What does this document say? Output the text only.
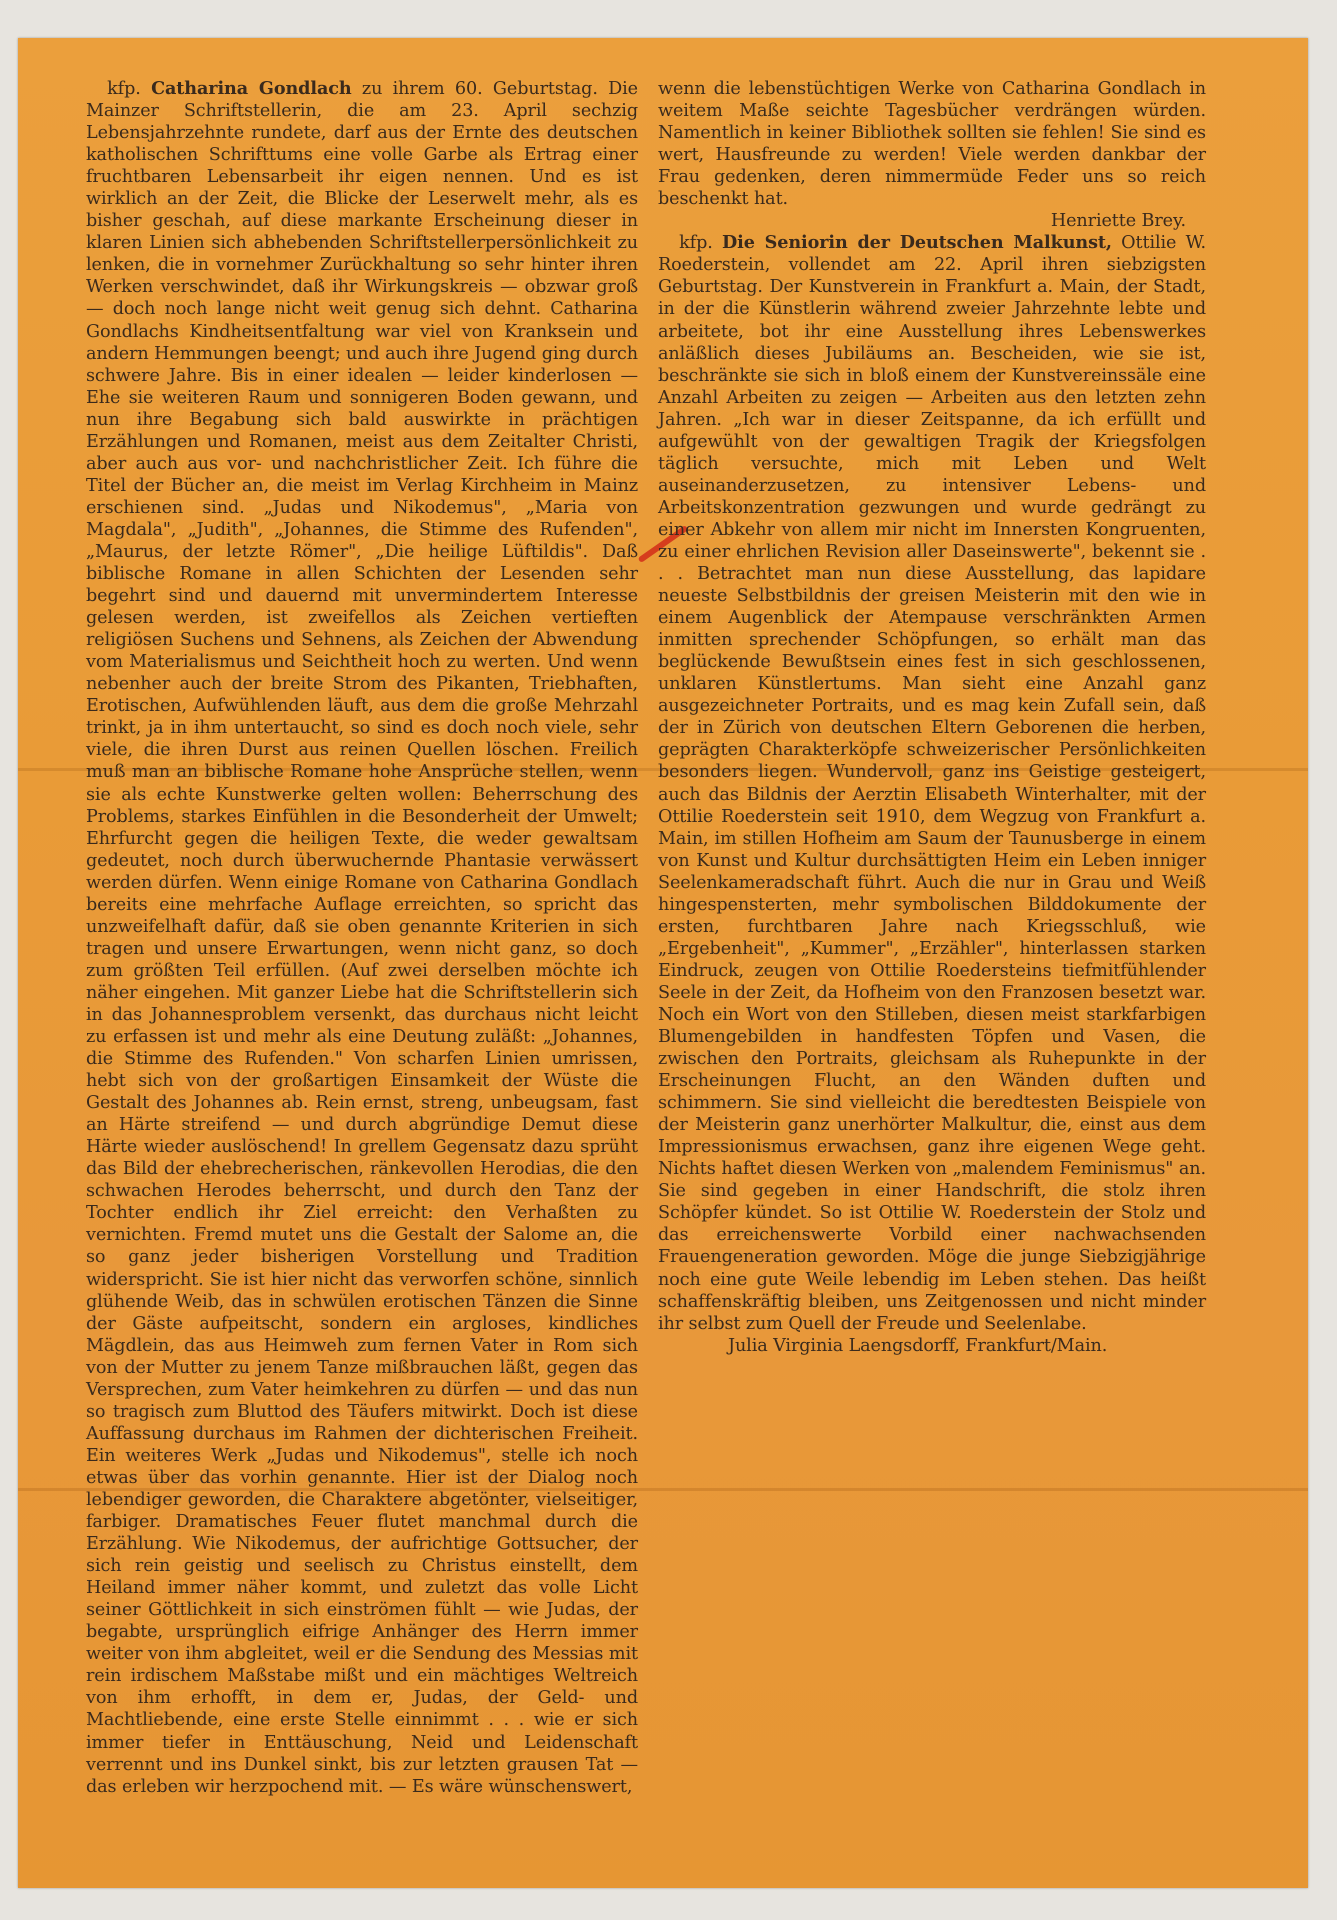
kfp. Catharina Gondlach zu ihrem 60. Geburtstag. Die Mainzer Schriftstellerin, die am 23. April sechzig Lebensjahrzehnte rundete, darf aus der Ernte des deutschen katholischen Schrifttums eine volle Garbe als Ertrag einer fruchtbaren Lebensarbeit ihr eigen nennen. Und es ist wirklich an der Zeit, die Blicke der Leserwelt mehr, als es bisher geschah, auf diese markante Erscheinung dieser in klaren Linien sich abhebenden Schriftstellerpersönlichkeit zu lenken, die in vornehmer Zurückhaltung so sehr hinter ihren Werken verschwindet, daß ihr Wirkungskreis — obzwar groß — doch noch lange nicht weit genug sich dehnt. Catharina Gondlachs Kindheitsentfaltung war viel von Kranksein und andern Hemmungen beengt; und auch ihre Jugend ging durch schwere Jahre. Bis in einer idealen — leider kinderlosen — Ehe sie weiteren Raum und sonnigeren Boden gewann, und nun ihre Begabung sich bald auswirkte in prächtigen Erzählungen und Romanen, meist aus dem Zeitalter Christi, aber auch aus vor- und nachchristlicher Zeit. Ich führe die Titel der Bücher an, die meist im Verlag Kirchheim in Mainz erschienen sind. „Judas und Nikodemus", „Maria von Magdala", „Judith", „Johannes, die Stimme des Rufenden", „Maurus, der letzte Römer", „Die heilige Lüftildis". Daß biblische Romane in allen Schichten der Lesenden sehr begehrt sind und dauernd mit unvermindertem Interesse gelesen werden, ist zweifellos als Zeichen vertieften religiösen Suchens und Sehnens, als Zeichen der Abwendung vom Materialismus und Seichtheit hoch zu werten. Und wenn nebenher auch der breite Strom des Pikanten, Triebhaften, Erotischen, Aufwühlenden läuft, aus dem die große Mehrzahl trinkt, ja in ihm untertaucht, so sind es doch noch viele, sehr viele, die ihren Durst aus reinen Quellen löschen. Freilich muß man an biblische Romane hohe Ansprüche stellen, wenn sie als echte Kunstwerke gelten wollen: Beherrschung des Problems, starkes Einfühlen in die Besonderheit der Umwelt; Ehrfurcht gegen die heiligen Texte, die weder gewaltsam gedeutet, noch durch überwuchernde Phantasie verwässert werden dürfen. Wenn einige Romane von Catharina Gondlach bereits eine mehrfache Auflage erreichten, so spricht das unzweifelhaft dafür, daß sie oben genannte Kriterien in sich tragen und unsere Erwartungen, wenn nicht ganz, so doch zum größten Teil erfüllen. (Auf zwei derselben möchte ich näher eingehen. Mit ganzer Liebe hat die Schriftstellerin sich in das Johannesproblem versenkt, das durchaus nicht leicht zu erfassen ist und mehr als eine Deutung zuläßt: „Johannes, die Stimme des Rufenden." Von scharfen Linien umrissen, hebt sich von der großartigen Einsamkeit der Wüste die Gestalt des Johannes ab. Rein ernst, streng, unbeugsam, fast an Härte streifend — und durch abgründige Demut diese Härte wieder auslöschend! In grellem Gegensatz dazu sprüht das Bild der ehebrecherischen, ränkevollen Herodias, die den schwachen Herodes beherrscht, und durch den Tanz der Tochter endlich ihr Ziel erreicht: den Verhaßten zu vernichten. Fremd mutet uns die Gestalt der Salome an, die so ganz jeder bisherigen Vorstellung und Tradition widerspricht. Sie ist hier nicht das verworfen schöne, sinnlich glühende Weib, das in schwülen erotischen Tänzen die Sinne der Gäste aufpeitscht, sondern ein argloses, kindliches Mägdlein, das aus Heimweh zum fernen Vater in Rom sich von der Mutter zu jenem Tanze mißbrauchen läßt, gegen das Versprechen, zum Vater heimkehren zu dürfen — und das nun so tragisch zum Bluttod des Täufers mitwirkt. Doch ist diese Auffassung durchaus im Rahmen der dichterischen Freiheit. Ein weiteres Werk „Judas und Nikodemus", stelle ich noch etwas über das vorhin genannte. Hier ist der Dialog noch lebendiger geworden, die Charaktere abgetönter, vielseitiger, farbiger. Dramatisches Feuer flutet manchmal durch die Erzählung. Wie Nikodemus, der aufrichtige Gottsucher, der sich rein geistig und seelisch zu Christus einstellt, dem Heiland immer näher kommt, und zuletzt das volle Licht seiner Göttlichkeit in sich einströmen fühlt — wie Judas, der begabte, ursprünglich eifrige Anhänger des Herrn immer weiter von ihm abgleitet, weil er die Sendung des Messias mit rein irdischem Maßstabe mißt und ein mächtiges Weltreich von ihm erhofft, in dem er, Judas, der Geld- und Machtliebende, eine erste Stelle einnimmt . . . wie er sich immer tiefer in Enttäuschung, Neid und Leidenschaft verrennt und ins Dunkel sinkt, bis zur letzten grausen Tat — das erleben wir herzpochend mit. — Es wäre wünschenswert,

wenn die lebenstüchtigen Werke von Catharina Gondlach in weitem Maße seichte Tagesbücher verdrängen würden. Namentlich in keiner Bibliothek sollten sie fehlen! Sie sind es wert, Hausfreunde zu werden! Viele werden dankbar der Frau gedenken, deren nimmermüde Feder uns so reich beschenkt hat.

Henriette Brey.

kfp. Die Seniorin der Deutschen Malkunst, Ottilie W. Roederstein, vollendet am 22. April ihren siebzigsten Geburtstag. Der Kunstverein in Frankfurt a. Main, der Stadt, in der die Künstlerin während zweier Jahrzehnte lebte und arbeitete, bot ihr eine Ausstellung ihres Lebenswerkes anläßlich dieses Jubiläums an. Bescheiden, wie sie ist, beschränkte sie sich in bloß einem der Kunstvereinssäle eine Anzahl Arbeiten zu zeigen — Arbeiten aus den letzten zehn Jahren. „Ich war in dieser Zeitspanne, da ich erfüllt und aufgewühlt von der gewaltigen Tragik der Kriegsfolgen täglich versuchte, mich mit Leben und Welt auseinanderzusetzen, zu intensiver Lebens- und Arbeitskonzentration gezwungen und wurde gedrängt zu einer Abkehr von allem mir nicht im Innersten Kongruenten, zu einer ehrlichen Revision aller Daseinswerte", bekennt sie . . . Betrachtet man nun diese Ausstellung, das lapidare neueste Selbstbildnis der greisen Meisterin mit den wie in einem Augenblick der Atempause verschränkten Armen inmitten sprechender Schöpfungen, so erhält man das beglückende Bewußtsein eines fest in sich geschlossenen, unklaren Künstlertums. Man sieht eine Anzahl ganz ausgezeichneter Portraits, und es mag kein Zufall sein, daß der in Zürich von deutschen Eltern Geborenen die herben, geprägten Charakterköpfe schweizerischer Persönlichkeiten besonders liegen. Wundervoll, ganz ins Geistige gesteigert, auch das Bildnis der Aerztin Elisabeth Winterhalter, mit der Ottilie Roederstein seit 1910, dem Wegzug von Frankfurt a. Main, im stillen Hofheim am Saum der Taunusberge in einem von Kunst und Kultur durchsättigten Heim ein Leben inniger Seelenkameradschaft führt. Auch die nur in Grau und Weiß hingespensterten, mehr symbolischen Bilddokumente der ersten, furchtbaren Jahre nach Kriegsschluß, wie „Ergebenheit", „Kummer", „Erzähler", hinterlassen starken Eindruck, zeugen von Ottilie Roedersteins tiefmitfühlender Seele in der Zeit, da Hofheim von den Franzosen besetzt war. Noch ein Wort von den Stilleben, diesen meist starkfarbigen Blumengebilden in handfesten Töpfen und Vasen, die zwischen den Portraits, gleichsam als Ruhepunkte in der Erscheinungen Flucht, an den Wänden duften und schimmern. Sie sind vielleicht die beredtesten Beispiele von der Meisterin ganz unerhörter Malkultur, die, einst aus dem Impressionismus erwachsen, ganz ihre eigenen Wege geht. Nichts haftet diesen Werken von „malendem Feminismus" an. Sie sind gegeben in einer Handschrift, die stolz ihren Schöpfer kündet. So ist Ottilie W. Roederstein der Stolz und das erreichenswerte Vorbild einer nachwachsenden Frauengeneration geworden. Möge die junge Siebzigjährige noch eine gute Weile lebendig im Leben stehen. Das heißt schaffenskräftig bleiben, uns Zeitgenossen und nicht minder ihr selbst zum Quell der Freude und Seelenlabe.

Julia Virginia Laengsdorff, Frankfurt/Main.
